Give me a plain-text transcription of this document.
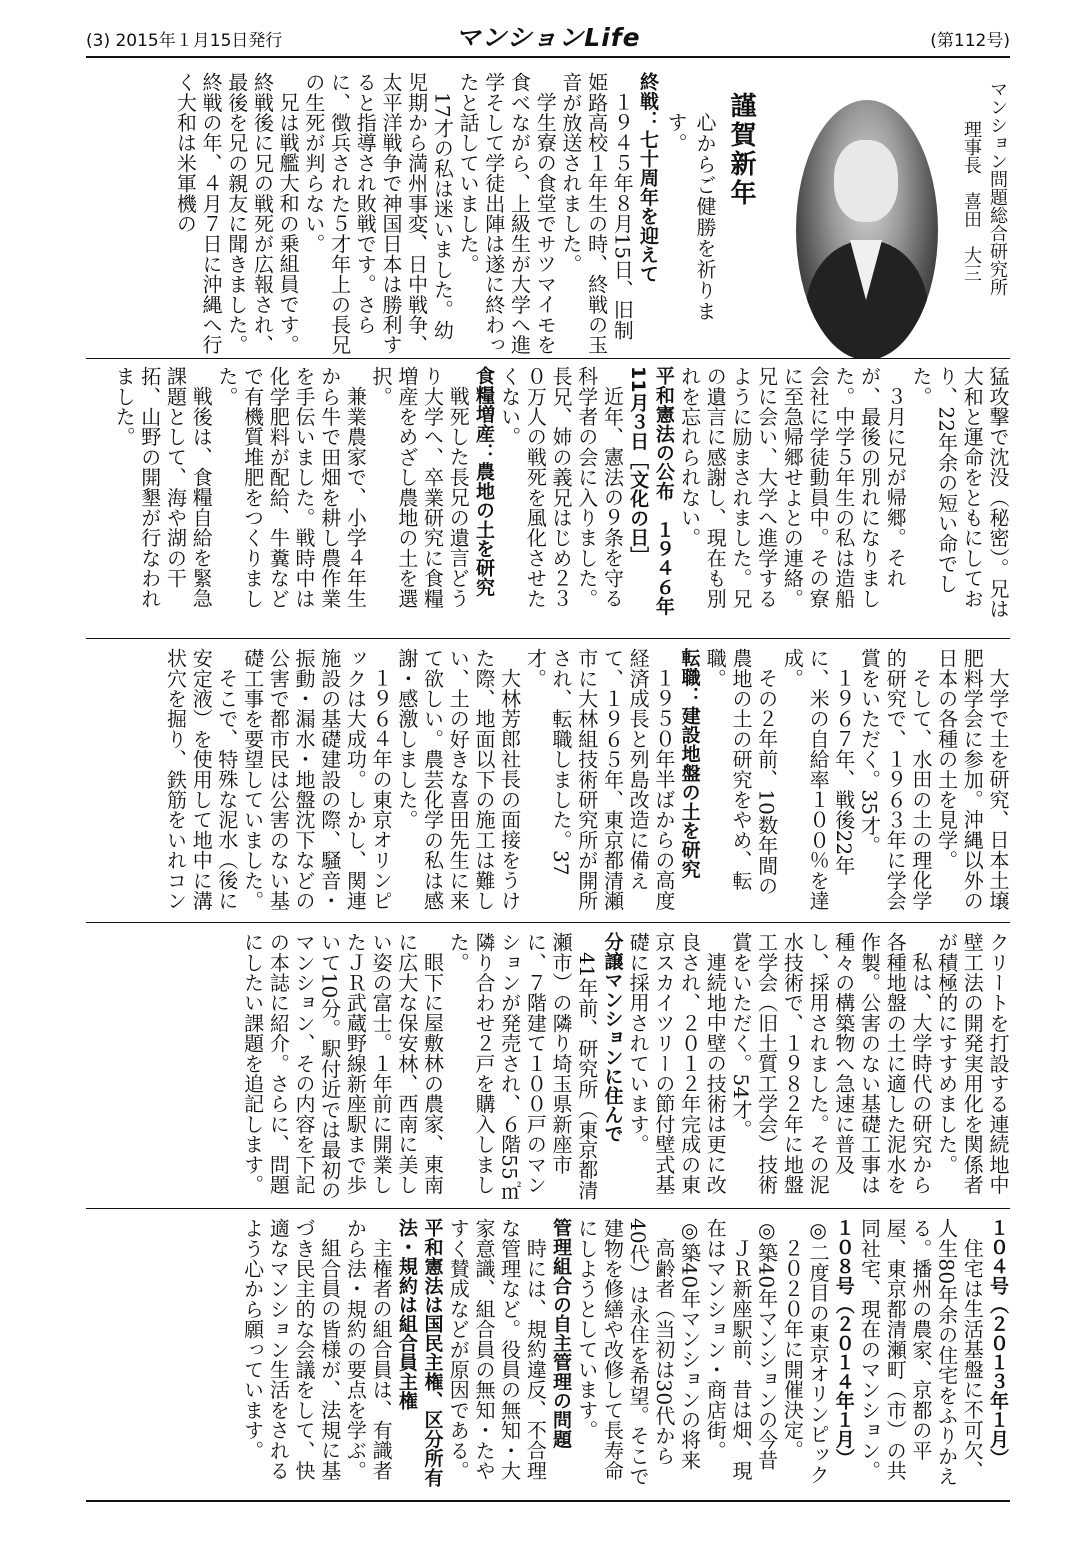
(3) 2015年１月15日発行	マンションLife	(第112号)
マンション問題総合研究所
理事長　喜田　大三
謹賀新年
心からご健勝を祈ります。

終戦：七十周年を迎えて

１９４５年８月15日、旧制姫路高校１年生の時、終戦の玉音が放送されました。

学生寮の食堂でサツマイモを食べながら、上級生が大学へ進学そして学徒出陣は遂に終わったと話していました。

17才の私は迷いました。幼児期から満州事変、日中戦争、太平洋戦争で神国日本は勝利すると指導され敗戦です。さらに、徴兵された５才年上の長兄の生死が判らない。

兄は戦艦大和の乗組員です。終戦後に兄の戦死が広報され、最後を兄の親友に聞きました。終戦の年、４月７日に沖縄へ行く大和は米軍機の

猛攻撃で沈没（秘密）。兄は大和と運命をともにしており、22年余の短い命でした。

３月に兄が帰郷。それが、最後の別れになりました。中学５年生の私は造船会社に学徒動員中。その寮に至急帰郷せよとの連絡。兄に会い、大学へ進学するように励まされました。兄の遺言に感謝し、現在も別れを忘れられない。

平和憲法の公布　１９４６年11月３日［文化の日］

近年、憲法の９条を守る科学者の会に入りました。長兄、姉の義兄はじめ２３０万人の戦死を風化させたくない。

食糧増産：農地の土を研究

戦死した長兄の遺言どうり大学へ、卒業研究に食糧増産をめざし農地の土を選択。

兼業農家で、小学４年生から牛で田畑を耕し農作業を手伝いました。戦時中は化学肥料が配給、牛糞などで有機質堆肥をつくりました。

戦後は、食糧自給を緊急課題として、海や湖の干拓、山野の開墾が行なわれました。

大学で土を研究、日本土壌肥料学会に参加。沖縄以外の日本の各種の土を見学。

そして、水田の土の理化学的研究で、１９６３年に学会賞をいただく。35才。

１９６７年、戦後22年に、米の自給率１００％を達成。

その２年前、10数年間の農地の土の研究をやめ、転職。

転職：建設地盤の土を研究

１９５０年半ばからの高度経済成長と列島改造に備えて、１９６５年、東京都清瀬市に大林組技術研究所が開所され、転職しました。37才。

大林芳郎社長の面接をうけた際、地面以下の施工は難しい、土の好きな喜田先生に来て欲しい。農芸化学の私は感謝・感激しました。

１９６４年の東京オリンピックは大成功。しかし、関連施設の基礎建設の際、騒音・振動・漏水・地盤沈下などの公害で都市民は公害のない基礎工事を要望していました。

そこで、特殊な泥水（後に安定液）を使用して地中に溝状穴を掘り、鉄筋をいれコン

クリートを打設する連続地中壁工法の開発実用化を関係者が積極的にすすめました。

私は、大学時代の研究から各種地盤の土に適した泥水を作製。公害のない基礎工事は種々の構築物へ急速に普及し、採用されました。その泥水技術で、１９８２年に地盤工学会（旧土質工学会）技術賞をいただく。54才。

連続地中壁の技術は更に改良され、２０１２年完成の東京スカイツリーの節付壁式基礎に採用されています。

分譲マンションに住んで

41年前、研究所（東京都清瀬市）の隣り埼玉県新座市に、７階建て１００戸のマンションが発売され、６階55㎡隣り合わせ２戸を購入しました。

眼下に屋敷林の農家、東南に広大な保安林、西南に美しい姿の富士。１年前に開業したＪＲ武蔵野線新座駅まで歩いて10分。駅付近では最初のマンション、その内容を下記の本誌に紹介。さらに、問題にしたい課題を追記します。

１０４号（２０１３年１月）

住宅は生活基盤に不可欠、人生80年余の住宅をふりかえる。播州の農家、京都の平屋、東京都清瀬町（市）の共同社宅、現在のマンション。

１０８号（２０１４年１月）

◎二度目の東京オリンピック

２０２０年に開催決定。

◎築40年マンションの今昔

ＪＲ新座駅前、昔は畑、現在はマンション・商店街。

◎築40年マンションの将来

高齢者（当初は30代から40代）は永住を希望。そこで建物を修繕や改修して長寿命にしようとしています。

管理組合の自主管理の問題

時には、規約違反、不合理な管理など。役員の無知・大家意識、組合員の無知・たやすく賛成などが原因である。

平和憲法は国民主権、区分所有法・規約は組合員主権

主権者の組合員は、有識者から法・規約の要点を学ぶ。

組合員の皆様が、法規に基づき民主的な会議をして、快適なマンション生活をされるよう心から願っています。
